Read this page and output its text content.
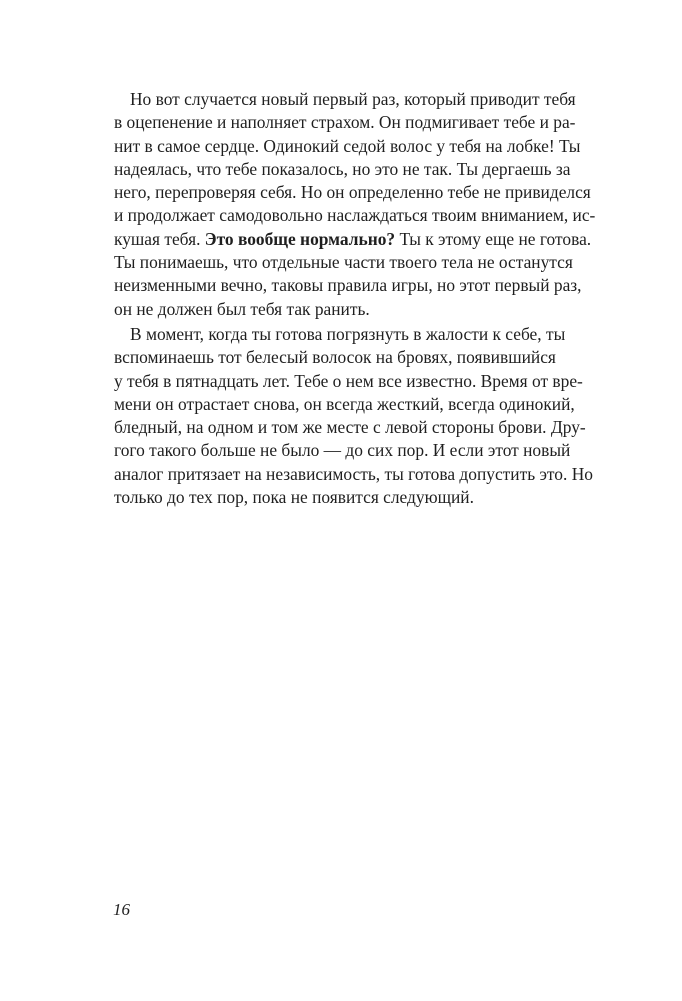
Но вот случается новый первый раз, который приводит тебя
в оцепенение и наполняет страхом. Он подмигивает тебе и ра-
нит в самое сердце. Одинокий седой волос у тебя на лобке! Ты
надеялась, что тебе показалось, но это не так. Ты дергаешь за
него, перепроверяя себя. Но он определенно тебе не привиделся
и продолжает самодовольно наслаждаться твоим вниманием, ис-
кушая тебя. Это вообще нормально? Ты к этому еще не готова.
Ты понимаешь, что отдельные части твоего тела не останутся
неизменными вечно, таковы правила игры, но этот первый раз,
он не должен был тебя так ранить.
В момент, когда ты готова погрязнуть в жалости к себе, ты
вспоминаешь тот белесый волосок на бровях, появившийся
у тебя в пятнадцать лет. Тебе о нем все известно. Время от вре-
мени он отрастает снова, он всегда жесткий, всегда одинокий,
бледный, на одном и том же месте с левой стороны брови. Дру-
гого такого больше не было — до сих пор. И если этот новый
аналог притязает на независимость, ты готова допустить это. Но
только до тех пор, пока не появится следующий.
16
